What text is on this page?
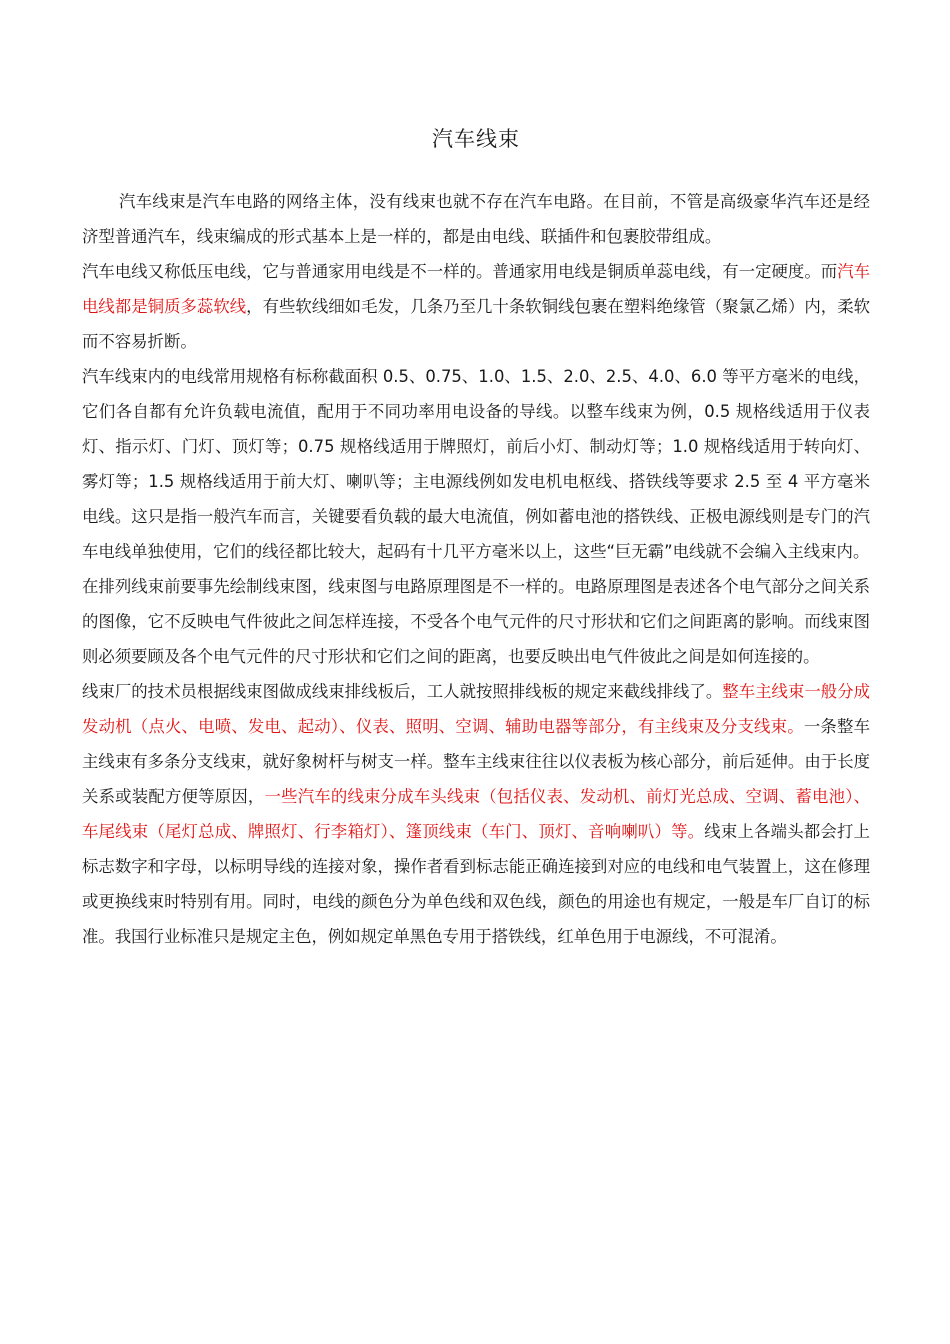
汽车线束

汽车线束是汽车电路的网络主体，没有线束也就不存在汽车电路。在目前，不管是高级豪华汽车还是经济型普通汽车，线束编成的形式基本上是一样的，都是由电线、联插件和包裹胶带组成。

汽车电线又称低压电线，它与普通家用电线是不一样的。普通家用电线是铜质单蕊电线，有一定硬度。而汽车电线都是铜质多蕊软线，有些软线细如毛发，几条乃至几十条软铜线包裹在塑料绝缘管（聚氯乙烯）内，柔软而不容易折断。

汽车线束内的电线常用规格有标称截面积 0.5、0.75、1.0、1.5、2.0、2.5、4.0、6.0 等平方毫米的电线，它们各自都有允许负载电流值，配用于不同功率用电设备的导线。以整车线束为例，0.5 规格线适用于仪表灯、指示灯、门灯、顶灯等；0.75 规格线适用于牌照灯，前后小灯、制动灯等；1.0 规格线适用于转向灯、雾灯等；1.5 规格线适用于前大灯、喇叭等；主电源线例如发电机电枢线、搭铁线等要求 2.5 至 4 平方毫米电线。这只是指一般汽车而言，关键要看负载的最大电流值，例如蓄电池的搭铁线、正极电源线则是专门的汽车电线单独使用，它们的线径都比较大，起码有十几平方毫米以上，这些“巨无霸”电线就不会编入主线束内。

在排列线束前要事先绘制线束图，线束图与电路原理图是不一样的。电路原理图是表述各个电气部分之间关系的图像，它不反映电气件彼此之间怎样连接，不受各个电气元件的尺寸形状和它们之间距离的影响。而线束图则必须要顾及各个电气元件的尺寸形状和它们之间的距离，也要反映出电气件彼此之间是如何连接的。

线束厂的技术员根据线束图做成线束排线板后，工人就按照排线板的规定来截线排线了。整车主线束一般分成发动机（点火、电喷、发电、起动）、仪表、照明、空调、辅助电器等部分，有主线束及分支线束。一条整车主线束有多条分支线束，就好象树杆与树支一样。整车主线束往往以仪表板为核心部分，前后延伸。由于长度关系或装配方便等原因，一些汽车的线束分成车头线束（包括仪表、发动机、前灯光总成、空调、蓄电池）、车尾线束（尾灯总成、牌照灯、行李箱灯）、篷顶线束（车门、顶灯、音响喇叭）等。线束上各端头都会打上标志数字和字母，以标明导线的连接对象，操作者看到标志能正确连接到对应的电线和电气装置上，这在修理或更换线束时特别有用。同时，电线的颜色分为单色线和双色线，颜色的用途也有规定，一般是车厂自订的标准。我国行业标准只是规定主色，例如规定单黑色专用于搭铁线，红单色用于电源线，不可混淆。
